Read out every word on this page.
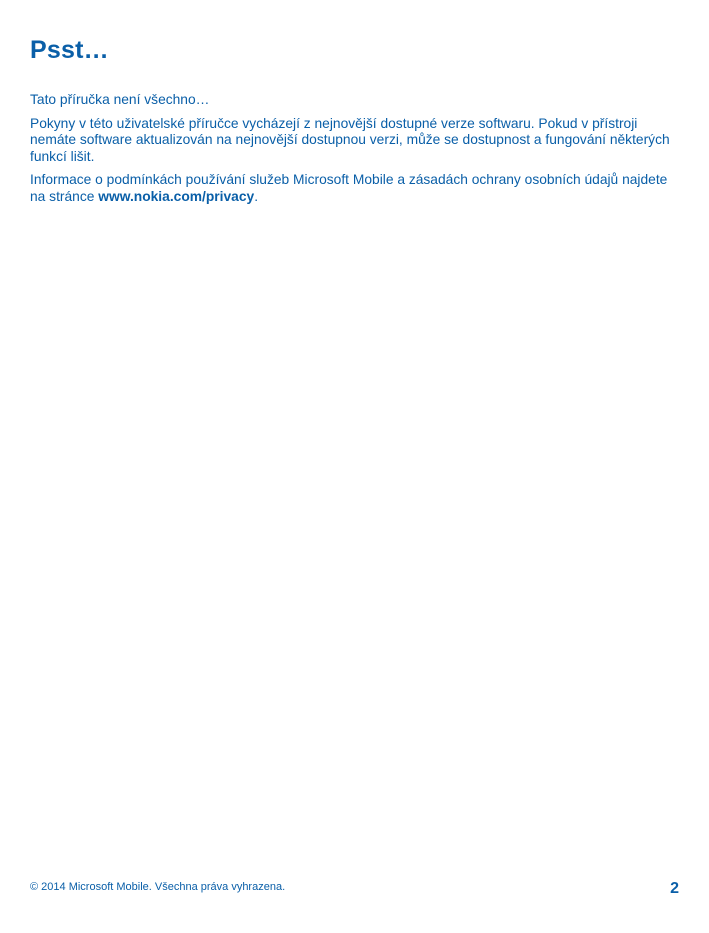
Psst…

Tato příručka není všechno…

Pokyny v této uživatelské příručce vycházejí z nejnovější dostupné verze softwaru. Pokud v přístroji nemáte software aktualizován na nejnovější dostupnou verzi, může se dostupnost a fungování některých funkcí lišit.

Informace o podmínkách používání služeb Microsoft Mobile a zásadách ochrany osobních údajů najdete na stránce www.nokia.com/privacy.

© 2014 Microsoft Mobile. Všechna práva vyhrazena.	2
